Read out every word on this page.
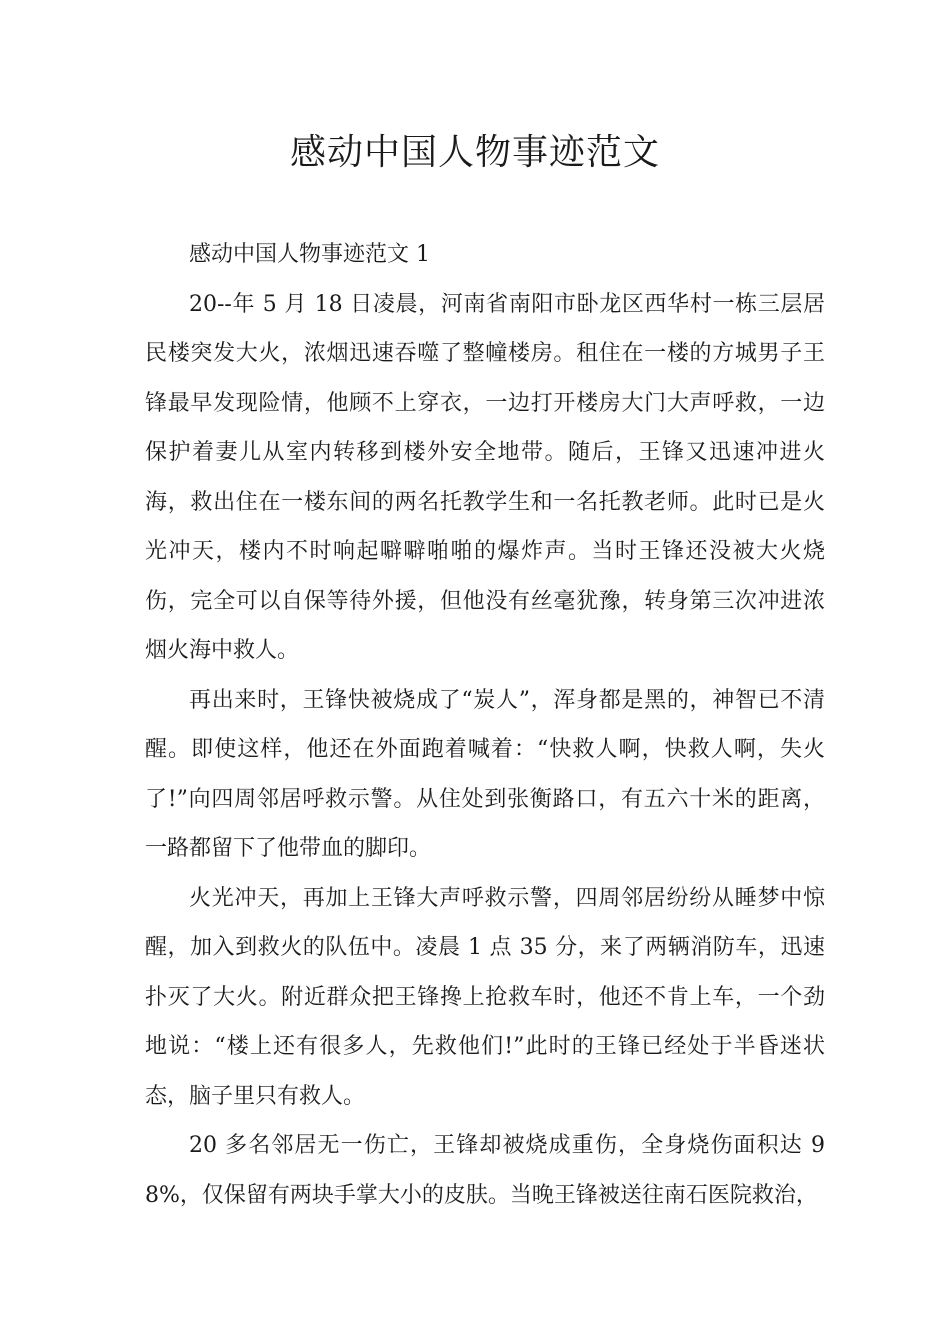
感动中国人物事迹范文

感动中国人物事迹范文 1

20--年 5 月 18 日凌晨，河南省南阳市卧龙区西华村一栋三层居民楼突发大火，浓烟迅速吞噬了整幢楼房。租住在一楼的方城男子王锋最早发现险情，他顾不上穿衣，一边打开楼房大门大声呼救，一边保护着妻儿从室内转移到楼外安全地带。随后，王锋又迅速冲进火海，救出住在一楼东间的两名托教学生和一名托教老师。此时已是火光冲天，楼内不时响起噼噼啪啪的爆炸声。当时王锋还没被大火烧伤，完全可以自保等待外援，但他没有丝毫犹豫，转身第三次冲进浓烟火海中救人。

再出来时，王锋快被烧成了“炭人”，浑身都是黑的，神智已不清醒。即使这样，他还在外面跑着喊着：“快救人啊，快救人啊，失火了!”向四周邻居呼救示警。从住处到张衡路口，有五六十米的距离，一路都留下了他带血的脚印。

火光冲天，再加上王锋大声呼救示警，四周邻居纷纷从睡梦中惊醒，加入到救火的队伍中。凌晨 1 点 35 分，来了两辆消防车，迅速扑灭了大火。附近群众把王锋搀上抢救车时，他还不肯上车，一个劲地说：“楼上还有很多人，先救他们!”此时的王锋已经处于半昏迷状态，脑子里只有救人。

20 多名邻居无一伤亡，王锋却被烧成重伤，全身烧伤面积达 98%，仅保留有两块手掌大小的皮肤。当晚王锋被送往南石医院救治，
